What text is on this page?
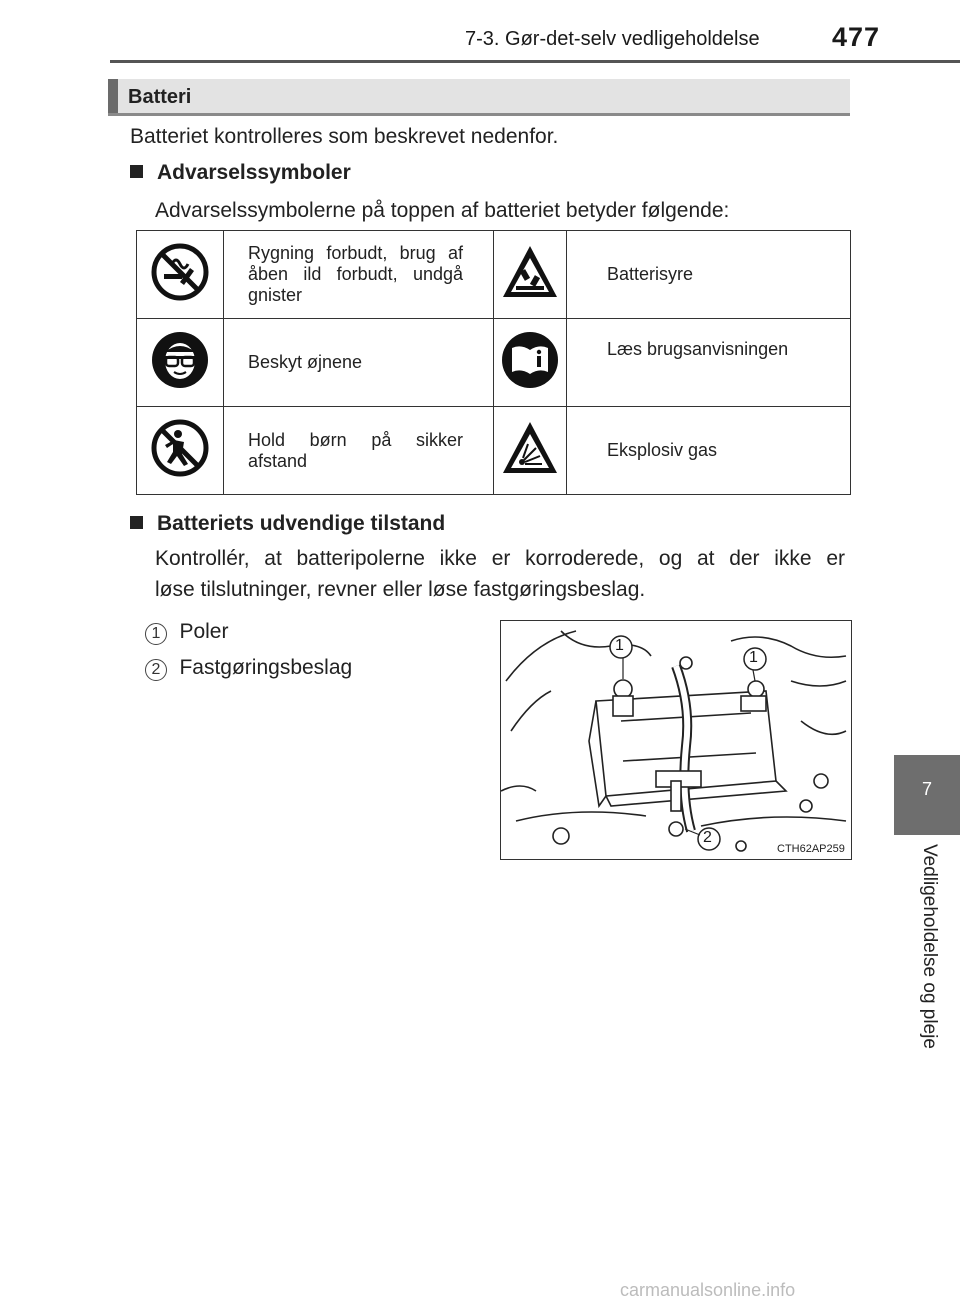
7-3. Gør-det-selv vedligeholdelse	477
7
Vedligeholdelse og pleje
Batteri
Batteriet kontrolleres som beskrevet nedenfor.
Advarselssymboler
Advarselssymbolerne på toppen af batteriet betyder følgende:
	Rygning forbudt, brug af åben ild forbudt, undgå gnister		Batterisyre
	Beskyt øjnene		Læs brugsanvisningen
	Hold børn på sikker afstand		Eksplosiv gas
Batteriets udvendige tilstand
Kontrollér, at batteripolerne ikke er korroderede, og at der ikke er
løse tilslutninger, revner eller løse fastgøringsbeslag.
1 Poler
2 Fastgøringsbeslag
1
1
2
CTH62AP259
carmanualsonline.info
